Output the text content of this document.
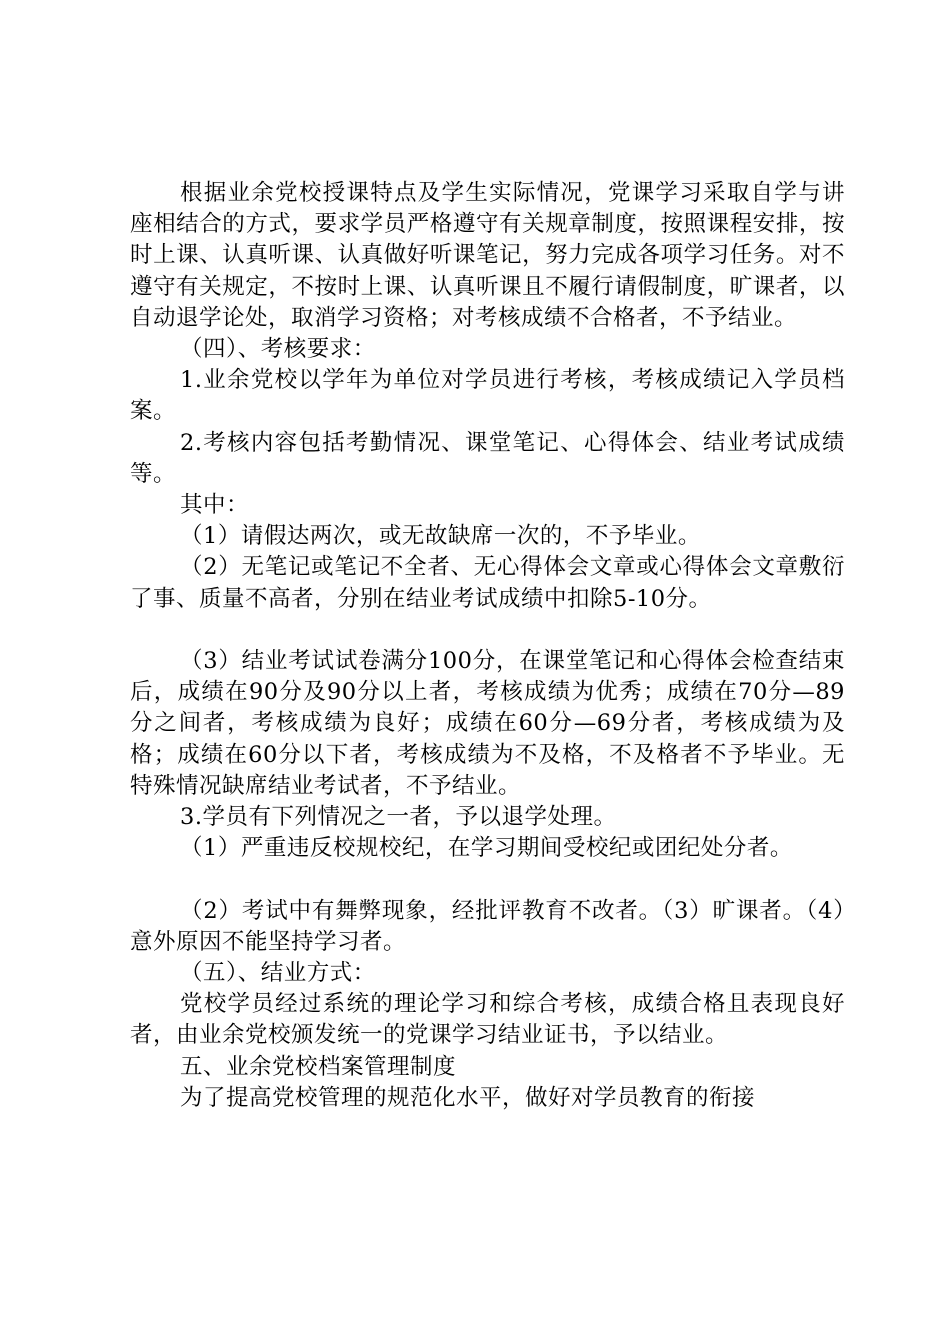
根据业余党校授课特点及学生实际情况，党课学习采取自学与讲座相结合的方式，要求学员严格遵守有关规章制度，按照课程安排，按时上课、认真听课、认真做好听课笔记，努力完成各项学习任务。对不遵守有关规定，不按时上课、认真听课且不履行请假制度，旷课者，以自动退学论处，取消学习资格；对考核成绩不合格者，不予结业。

（四）、考核要求：

1.业余党校以学年为单位对学员进行考核，考核成绩记入学员档案。

2.考核内容包括考勤情况、课堂笔记、心得体会、结业考试成绩等。

其中：

（1）请假达两次，或无故缺席一次的，不予毕业。

（2）无笔记或笔记不全者、无心得体会文章或心得体会文章敷衍了事、质量不高者，分别在结业考试成绩中扣除5-10分。

（3）结业考试试卷满分100分，在课堂笔记和心得体会检查结束后，成绩在90分及90分以上者，考核成绩为优秀；成绩在70分—89分之间者，考核成绩为良好；成绩在60分—69分者，考核成绩为及格；成绩在60分以下者，考核成绩为不及格，不及格者不予毕业。无特殊情况缺席结业考试者，不予结业。

3.学员有下列情况之一者，予以退学处理。

（1）严重违反校规校纪，在学习期间受校纪或团纪处分者。

（2）考试中有舞弊现象，经批评教育不改者。（3）旷课者。（4）意外原因不能坚持学习者。

（五）、结业方式：

党校学员经过系统的理论学习和综合考核，成绩合格且表现良好者，由业余党校颁发统一的党课学习结业证书，予以结业。

五、业余党校档案管理制度

为了提高党校管理的规范化水平，做好对学员教育的衔接
